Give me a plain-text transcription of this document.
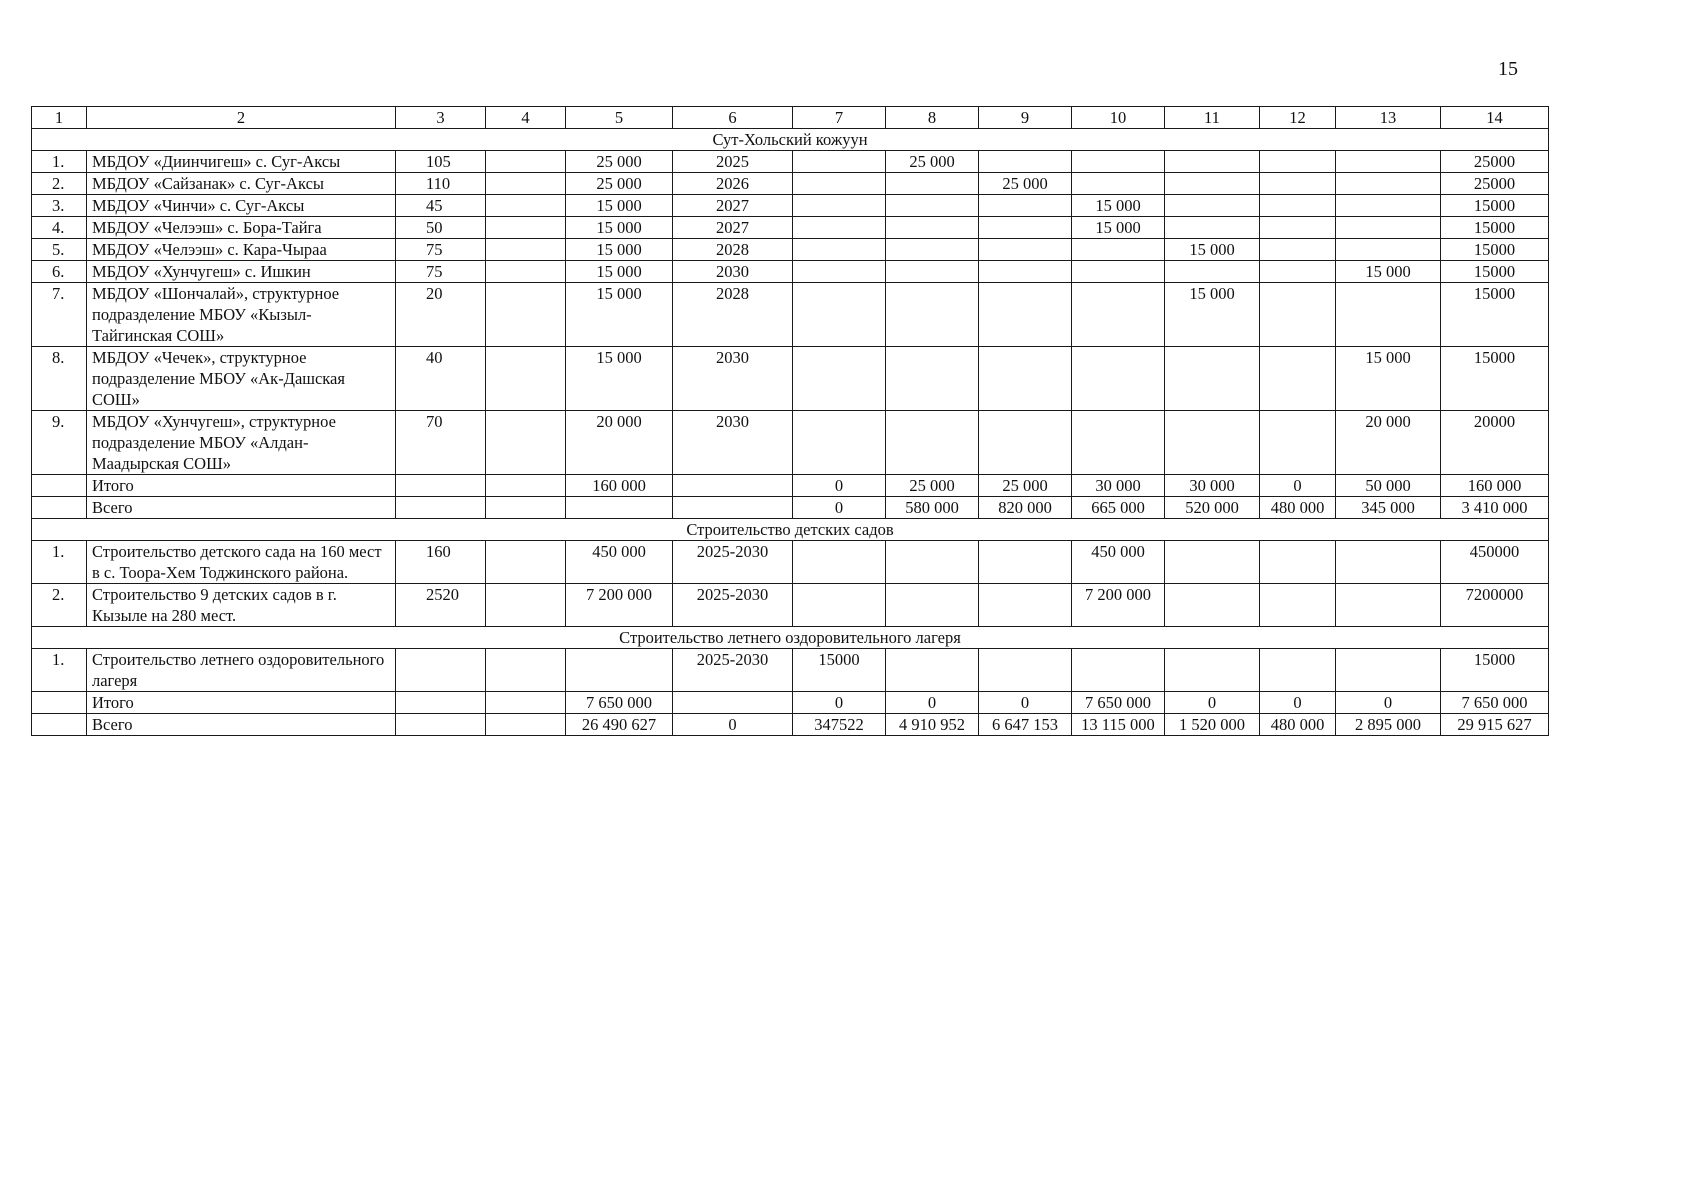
15
1	2	3	4	5	6	7	8	9	10	11	12	13	14
Сут-Хольский кожуун													
1.	МБДОУ «Диинчигеш» с. Суг-Аксы	105		25 000	2025		25 000						25000
2.	МБДОУ «Сайзанак» с. Суг-Аксы	110		25 000	2026			25 000					25000
3.	МБДОУ «Чинчи» с. Суг-Аксы	45		15 000	2027				15 000				15000
4.	МБДОУ «Челээш» с. Бора-Тайга	50		15 000	2027				15 000				15000
5.	МБДОУ «Челээш» с. Кара-Чыраа	75		15 000	2028					15 000			15000
6.	МБДОУ «Хунчугеш» с. Ишкин	75		15 000	2030							15 000	15000
7.	МБДОУ «Шончалай», структурное подразделение МБОУ «Кызыл-Тайгинская СОШ»	20		15 000	2028					15 000			15000
8.	МБДОУ «Чечек», структурное подразделение МБОУ «Ак-Дашская СОШ»	40		15 000	2030							15 000	15000
9.	МБДОУ «Хунчугеш», структурное подразделение МБОУ «Алдан-Маадырская СОШ»	70		20 000	2030							20 000	20000
	Итого			160 000		0	25 000	25 000	30 000	30 000	0	50 000	160 000
	Всего					0	580 000	820 000	665 000	520 000	480 000	345 000	3 410 000
Строительство детских садов													
1.	Строительство детского сада на 160 мест в с. Тоора-Хем Тоджинского района.	160		450 000	2025-2030				450 000				450000
2.	Строительство 9 детских садов в г. Кызыле на 280 мест.	2520		7 200 000	2025-2030				7 200 000				7200000
Строительство летнего оздоровительного лагеря													
1.	Строительство летнего оздоровительного лагеря				2025-2030	15000							15000
	Итого			7 650 000		0	0	0	7 650 000	0	0	0	7 650 000
	Всего			26 490 627	0	347522	4 910 952	6 647 153	13 115 000	1 520 000	480 000	2 895 000	29 915 627
